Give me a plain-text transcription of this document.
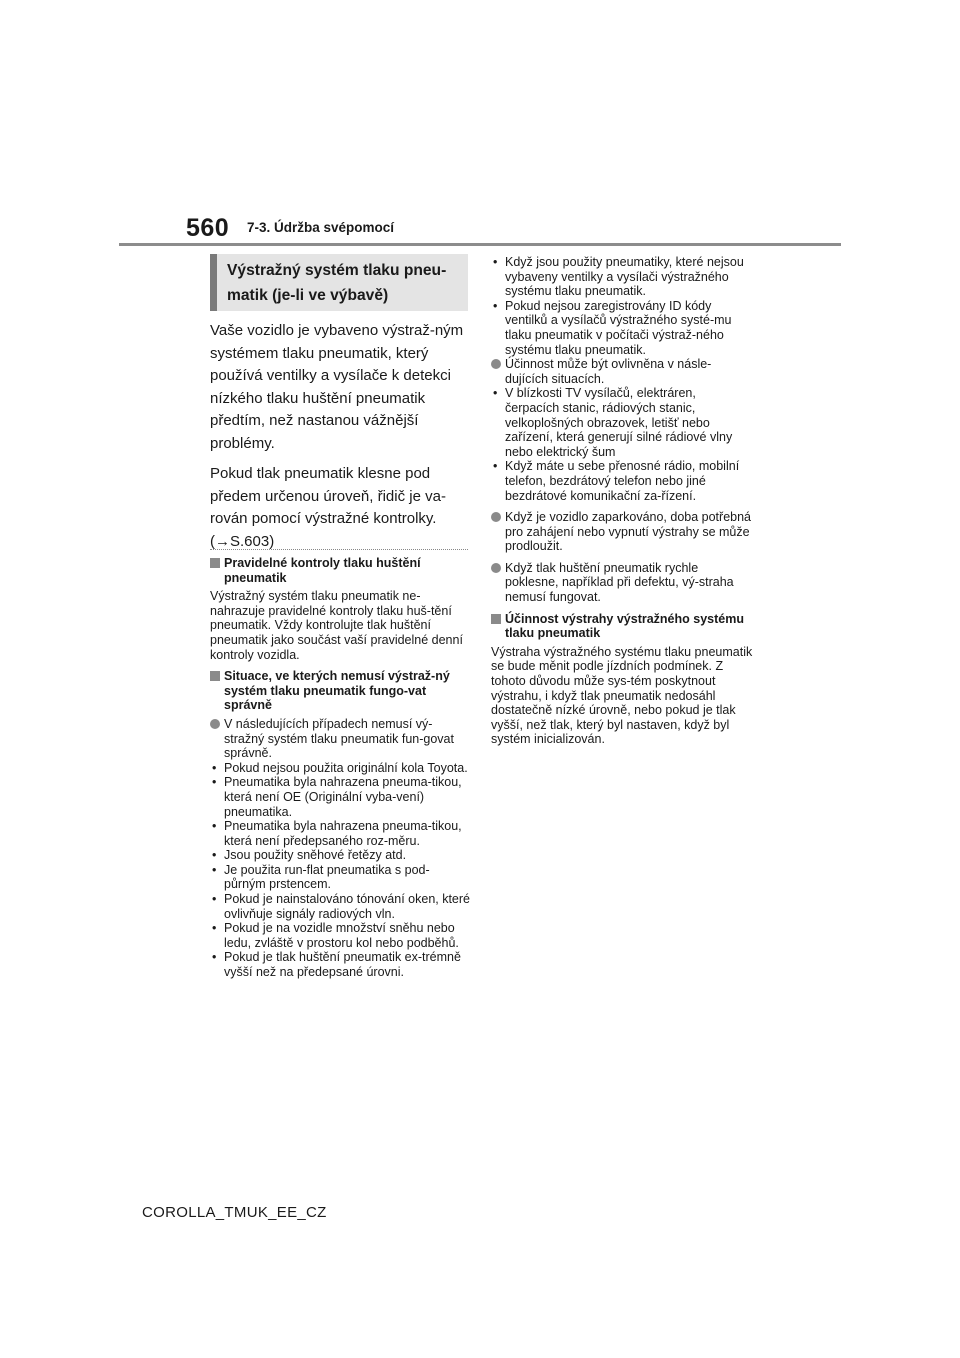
560 7-3. Údržba svépomocí
Výstražný systém tlaku pneu-
matik (je-li ve výbavě)

Vaše vozidlo je vybaveno výstraž-ným systémem tlaku pneumatik, který používá ventilky a vysílače k detekci nízkého tlaku huštění pneumatik předtím, než nastanou vážnější problémy.

Pokud tlak pneumatik klesne pod předem určenou úroveň, řidič je va-rován pomocí výstražné kontrolky.
(→S.603)

Pravidelné kontroly tlaku huštění pneumatik

Výstražný systém tlaku pneumatik ne-nahrazuje pravidelné kontroly tlaku huš-tění pneumatik. Vždy kontrolujte tlak huštění pneumatik jako součást vaší pravidelné denní kontroly vozidla.

Situace, ve kterých nemusí výstraž-ný systém tlaku pneumatik fungo-vat správně
V následujících případech nemusí vý-stražný systém tlaku pneumatik fun-govat správně.
• Pokud nejsou použita originální kola Toyota.
• Pneumatika byla nahrazena pneuma-tikou, která není OE (Originální vyba-vení) pneumatika.
• Pneumatika byla nahrazena pneuma-tikou, která není předepsaného roz-měru.
• Jsou použity sněhové řetězy atd.
• Je použita run-flat pneumatika s pod-půrným prstencem.
• Pokud je nainstalováno tónování oken, které ovlivňuje signály radiových vln.
• Pokud je na vozidle množství sněhu nebo ledu, zvláště v prostoru kol nebo podběhů.
• Pokud je tlak huštění pneumatik ex-trémně vyšší než na předepsané úrovni.
• Když jsou použity pneumatiky, které nejsou vybaveny ventilky a vysílači výstražného systému tlaku pneumatik.
• Pokud nejsou zaregistrovány ID kódy ventilků a vysílačů výstražného systé-mu tlaku pneumatik v počítači výstraž-ného systému tlaku pneumatik.
Účinnost může být ovlivněna v násle-dujících situacích.
• V blízkosti TV vysílačů, elektráren, čerpacích stanic, rádiových stanic, velkoplošných obrazovek, letišť nebo zařízení, která generují silné rádiové vlny nebo elektrický šum
• Když máte u sebe přenosné rádio, mobilní telefon, bezdrátový telefon nebo jiné bezdrátové komunikační za-řízení.
Když je vozidlo zaparkováno, doba potřebná pro zahájení nebo vypnutí výstrahy se může prodloužit.
Když tlak huštění pneumatik rychle poklesne, například při defektu, vý-straha nemusí fungovat.
Účinnost výstrahy výstražného systému tlaku pneumatik

Výstraha výstražného systému tlaku pneumatik se bude měnit podle jízdních podmínek. Z tohoto důvodu může sys-tém poskytnout výstrahu, i když tlak pneumatik nedosáhl dostatečně nízké úrovně, nebo pokud je tlak vyšší, než tlak, který byl nastaven, když byl systém inicializován.

COROLLA_TMUK_EE_CZ
